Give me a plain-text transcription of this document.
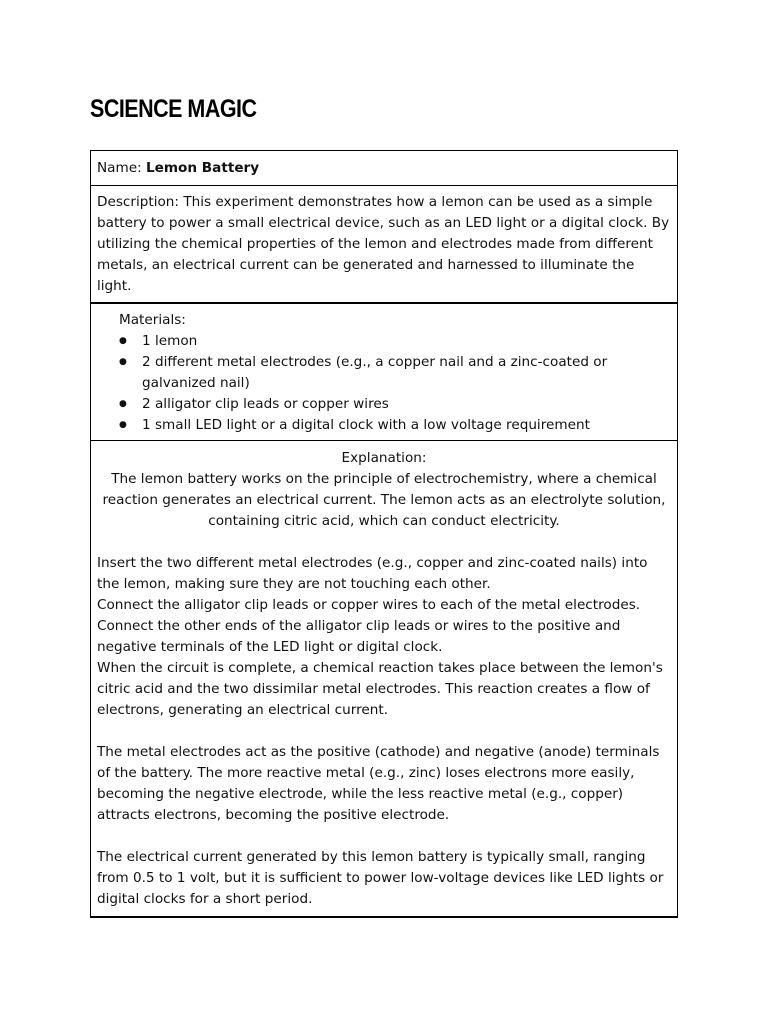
SCIENCE MAGIC
Name: Lemon Battery

Description: This experiment demonstrates how a lemon can be used as a simple battery to power a small electrical device, such as an LED light or a digital clock. By utilizing the chemical properties of the lemon and electrodes made from different metals, an electrical current can be generated and harnessed to illuminate the light.

Materials:
● 1 lemon
● 2 different metal electrodes (e.g., a copper nail and a zinc-coated or galvanized nail)
● 2 alligator clip leads or copper wires
● 1 small LED light or a digital clock with a low voltage requirement

Explanation:

The lemon battery works on the principle of electrochemistry, where a chemical reaction generates an electrical current. The lemon acts as an electrolyte solution, containing citric acid, which can conduct electricity.

Insert the two different metal electrodes (e.g., copper and zinc-coated nails) into the lemon, making sure they are not touching each other.

Connect the alligator clip leads or copper wires to each of the metal electrodes.

Connect the other ends of the alligator clip leads or wires to the positive and negative terminals of the LED light or digital clock.

When the circuit is complete, a chemical reaction takes place between the lemon's citric acid and the two dissimilar metal electrodes. This reaction creates a flow of electrons, generating an electrical current.

The metal electrodes act as the positive (cathode) and negative (anode) terminals of the battery. The more reactive metal (e.g., zinc) loses electrons more easily, becoming the negative electrode, while the less reactive metal (e.g., copper) attracts electrons, becoming the positive electrode.

The electrical current generated by this lemon battery is typically small, ranging from 0.5 to 1 volt, but it is sufficient to power low-voltage devices like LED lights or digital clocks for a short period.
